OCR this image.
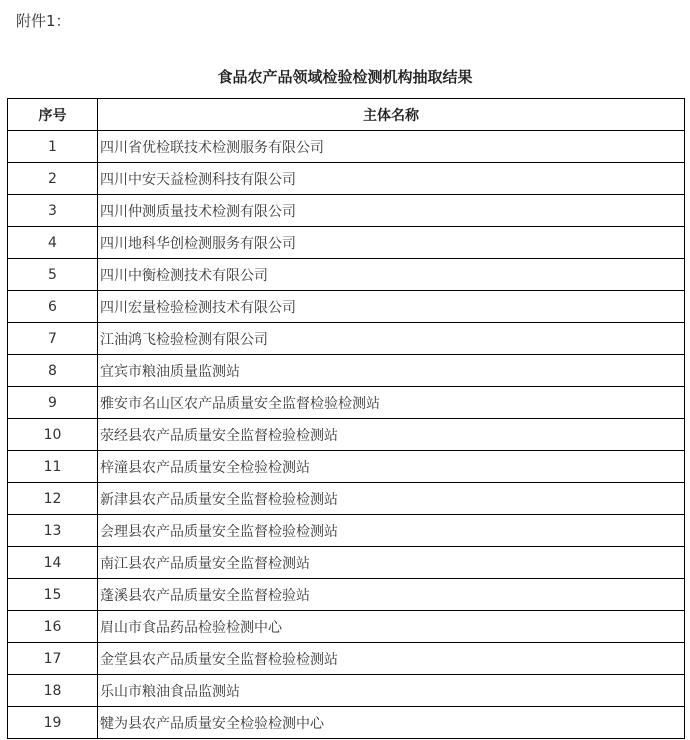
附件1：
食品农产品领域检验检测机构抽取结果
序号	主体名称
1	四川省优检联技术检测服务有限公司
2	四川中安天益检测科技有限公司
3	四川仲测质量技术检测有限公司
4	四川地科华创检测服务有限公司
5	四川中衡检测技术有限公司
6	四川宏量检验检测技术有限公司
7	江油鸿飞检验检测有限公司
8	宜宾市粮油质量监测站
9	雅安市名山区农产品质量安全监督检验检测站
10	荥经县农产品质量安全监督检验检测站
11	梓潼县农产品质量安全检验检测站
12	新津县农产品质量安全监督检验检测站
13	会理县农产品质量安全监督检验检测站
14	南江县农产品质量安全监督检测站
15	蓬溪县农产品质量安全监督检验站
16	眉山市食品药品检验检测中心
17	金堂县农产品质量安全监督检验检测站
18	乐山市粮油食品监测站
19	犍为县农产品质量安全检验检测中心
